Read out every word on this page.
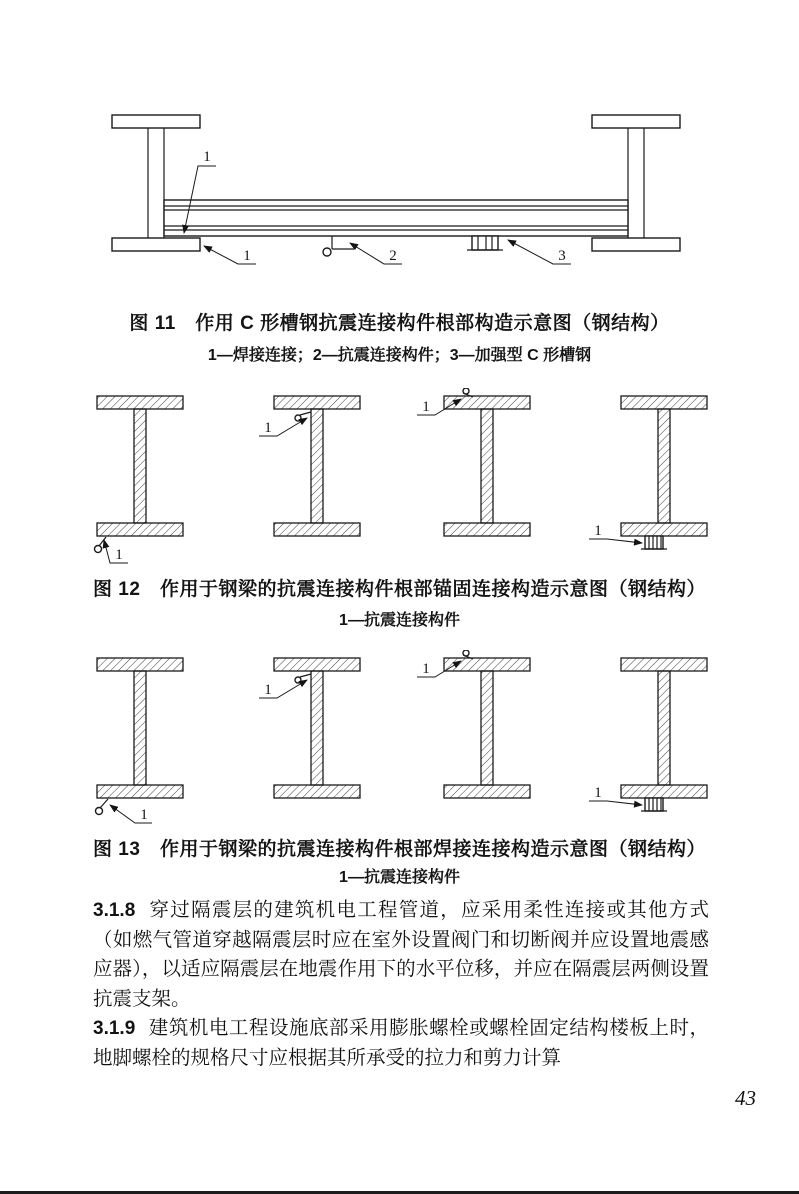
1
1	2	3
图 11　作用 C 形槽钢抗震连接构件根部构造示意图（钢结构）
1—焊接连接；2—抗震连接构件；3—加强型 C 形槽钢
1
1
1
1
图 12　作用于钢梁的抗震连接构件根部锚固连接构造示意图（钢结构）
1—抗震连接构件
1
1
1
1
图 13　作用于钢梁的抗震连接构件根部焊接连接构造示意图（钢结构）
1—抗震连接构件

3.1.8 穿过隔震层的建筑机电工程管道，应采用柔性连接或其他方式（如燃气管道穿越隔震层时应在室外设置阀门和切断阀并应设置地震感应器），以适应隔震层在地震作用下的水平位移，并应在隔震层两侧设置抗震支架。

3.1.9 建筑机电工程设施底部采用膨胀螺栓或螺栓固定结构楼板上时，地脚螺栓的规格尺寸应根据其所承受的拉力和剪力计算

43
